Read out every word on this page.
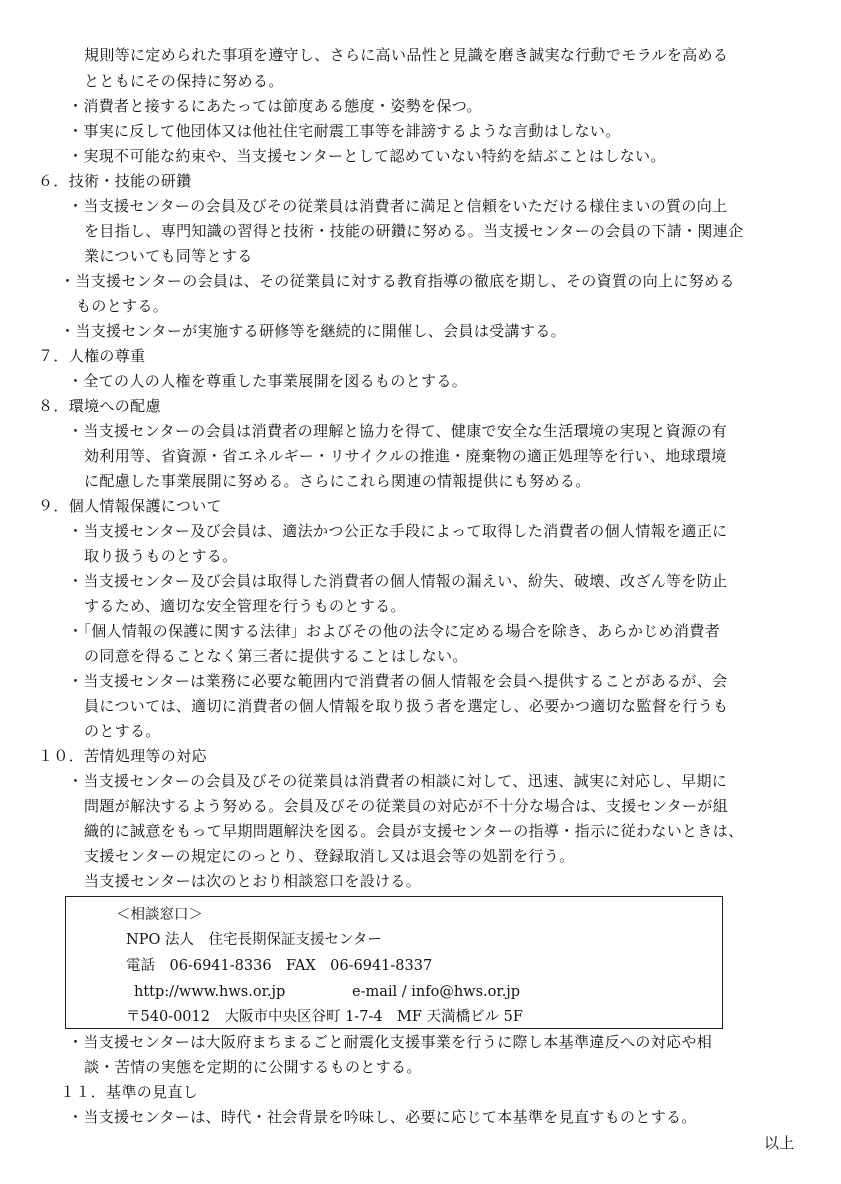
規則等に定められた事項を遵守し、さらに高い品性と見識を磨き誠実な行動でモラルを高める
とともにその保持に努める。
・消費者と接するにあたっては節度ある態度・姿勢を保つ。
・事実に反して他団体又は他社住宅耐震工事等を誹謗するような言動はしない。
・実現不可能な約束や、当支援センターとして認めていない特約を結ぶことはしない。
６．技術・技能の研鑽
・当支援センターの会員及びその従業員は消費者に満足と信頼をいただける様住まいの質の向上
を目指し、専門知識の習得と技術・技能の研鑽に努める。当支援センターの会員の下請・関連企
業についても同等とする
・当支援センターの会員は、その従業員に対する教育指導の徹底を期し、その資質の向上に努める
ものとする。
・当支援センターが実施する研修等を継続的に開催し、会員は受講する。
７．人権の尊重
・全ての人の人権を尊重した事業展開を図るものとする。
８．環境への配慮
・当支援センターの会員は消費者の理解と協力を得て、健康で安全な生活環境の実現と資源の有
効利用等、省資源・省エネルギー・リサイクルの推進・廃棄物の適正処理等を行い、地球環境
に配慮した事業展開に努める。さらにこれら関連の情報提供にも努める。
９．個人情報保護について
・当支援センター及び会員は、適法かつ公正な手段によって取得した消費者の個人情報を適正に
取り扱うものとする。
・当支援センター及び会員は取得した消費者の個人情報の漏えい、紛失、破壊、改ざん等を防止
するため、適切な安全管理を行うものとする。
・「個人情報の保護に関する法律」およびその他の法令に定める場合を除き、あらかじめ消費者
の同意を得ることなく第三者に提供することはしない。
・当支援センターは業務に必要な範囲内で消費者の個人情報を会員へ提供することがあるが、会
員については、適切に消費者の個人情報を取り扱う者を選定し、必要かつ適切な監督を行うも
のとする。
１０．苦情処理等の対応
・当支援センターの会員及びその従業員は消費者の相談に対して、迅速、誠実に対応し、早期に
問題が解決するよう努める。会員及びその従業員の対応が不十分な場合は、支援センターが組
織的に誠意をもって早期問題解決を図る。会員が支援センターの指導・指示に従わないときは、
支援センターの規定にのっとり、登録取消し又は退会等の処罰を行う。
当支援センターは次のとおり相談窓口を設ける。
＜相談窓口＞
NPO 法人　住宅長期保証支援センター
電話　06-6941-8336　FAX　06-6941-8337
http://www.hws.or.jp	e-mail / info@hws.or.jp
〒540-0012　大阪市中央区谷町 1-7-4　MF 天満橋ビル 5F
・当支援センターは大阪府まちまるごと耐震化支援事業を行うに際し本基準違反への対応や相
談・苦情の実態を定期的に公開するものとする。
１１．基準の見直し
・当支援センターは、時代・社会背景を吟味し、必要に応じて本基準を見直すものとする。
以上
